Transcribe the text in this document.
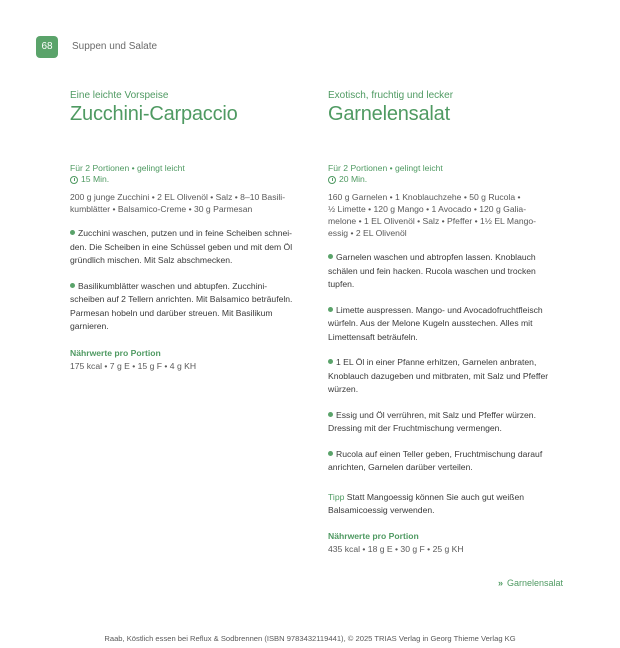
68	Suppen und Salate

Eine leichte Vorspeise

Zucchini-Carpaccio
Für 2 Portionen • gelingt leicht
15 Min.
200 g junge Zucchini • 2 EL Olivenöl • Salz • 8–10 Basili-
kumblätter • Balsamico-Creme • 30 g Parmesan
Zucchini waschen, putzen und in feine Scheiben schnei-
den. Die Scheiben in eine Schüssel geben und mit dem Öl
gründlich mischen. Mit Salz abschmecken.
Basilikumblätter waschen und abtupfen. Zucchini-
scheiben auf 2 Tellern anrichten. Mit Balsamico beträufeln.
Parmesan hobeln und darüber streuen. Mit Basilikum
garnieren.
Nährwerte pro Portion
175 kcal • 7 g E • 15 g F • 4 g KH

Exotisch, fruchtig und lecker

Garnelensalat
Für 2 Portionen • gelingt leicht
20 Min.
160 g Garnelen • 1 Knoblauchzehe • 50 g Rucola •
½ Limette • 120 g Mango • 1 Avocado • 120 g Galia-
melone • 1 EL Olivenöl • Salz • Pfeffer • 1½ EL Mango-
essig • 2 EL Olivenöl
Garnelen waschen und abtropfen lassen. Knoblauch
schälen und fein hacken. Rucola waschen und trocken
tupfen.
Limette auspressen. Mango- und Avocadofruchtfleisch
würfeln. Aus der Melone Kugeln ausstechen. Alles mit
Limettensaft beträufeln.
1 EL Öl in einer Pfanne erhitzen, Garnelen anbraten,
Knoblauch dazugeben und mitbraten, mit Salz und Pfeffer
würzen.
Essig und Öl verrühren, mit Salz und Pfeffer würzen.
Dressing mit der Fruchtmischung vermengen.
Rucola auf einen Teller geben, Fruchtmischung darauf
anrichten, Garnelen darüber verteilen.
Tipp Statt Mangoessig können Sie auch gut weißen
Balsamicoessig verwenden.
Nährwerte pro Portion
435 kcal • 18 g E • 30 g F • 25 g KH
» Garnelensalat
Raab, Köstlich essen bei Reflux & Sodbrennen (ISBN 9783432119441), © 2025 TRIAS Verlag in Georg Thieme Verlag KG
